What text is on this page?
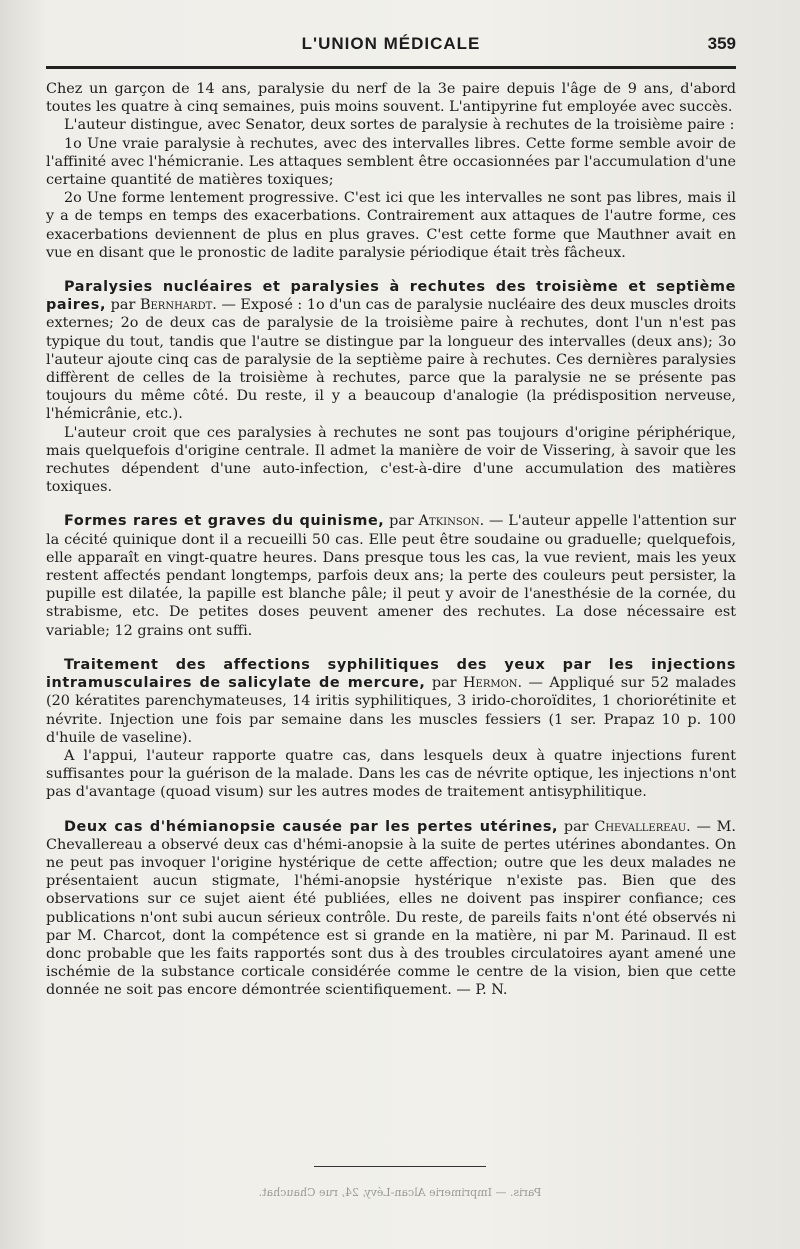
L'UNION MÉDICALE	359

Chez un garçon de 14 ans, paralysie du nerf de la 3e paire depuis l'âge de 9 ans, d'abord toutes les quatre à cinq semaines, puis moins souvent. L'antipyrine fut employée avec succès.

L'auteur distingue, avec Senator, deux sortes de paralysie à rechutes de la troisième paire :

1o Une vraie paralysie à rechutes, avec des intervalles libres. Cette forme semble avoir de l'affinité avec l'hémicranie. Les attaques semblent être occasionnées par l'accumulation d'une certaine quantité de matières toxiques;

2o Une forme lentement progressive. C'est ici que les intervalles ne sont pas libres, mais il y a de temps en temps des exacerbations. Contrairement aux attaques de l'autre forme, ces exacerbations deviennent de plus en plus graves. C'est cette forme que Mauthner avait en vue en disant que le pronostic de ladite paralysie périodique était très fâcheux.

Paralysies nucléaires et paralysies à rechutes des troisième et septième paires, par Bernhardt. — Exposé : 1o d'un cas de paralysie nucléaire des deux muscles droits externes; 2o de deux cas de paralysie de la troisième paire à rechutes, dont l'un n'est pas typique du tout, tandis que l'autre se distingue par la longueur des intervalles (deux ans); 3o l'auteur ajoute cinq cas de paralysie de la septième paire à rechutes. Ces dernières paralysies diffèrent de celles de la troisième à rechutes, parce que la paralysie ne se présente pas toujours du même côté. Du reste, il y a beaucoup d'analogie (la prédisposition nerveuse, l'hémicrânie, etc.).

L'auteur croit que ces paralysies à rechutes ne sont pas toujours d'origine périphérique, mais quelquefois d'origine centrale. Il admet la manière de voir de Vissering, à savoir que les rechutes dépendent d'une auto-infection, c'est-à-dire d'une accumulation des matières toxiques.

Formes rares et graves du quinisme, par Atkinson. — L'auteur appelle l'attention sur la cécité quinique dont il a recueilli 50 cas. Elle peut être soudaine ou graduelle; quelquefois, elle apparaît en vingt-quatre heures. Dans presque tous les cas, la vue revient, mais les yeux restent affectés pendant longtemps, parfois deux ans; la perte des couleurs peut persister, la pupille est dilatée, la papille est blanche pâle; il peut y avoir de l'anesthésie de la cornée, du strabisme, etc. De petites doses peuvent amener des rechutes. La dose nécessaire est variable; 12 grains ont suffi.

Traitement des affections syphilitiques des yeux par les injections intramusculaires de salicylate de mercure, par Hermon. — Appliqué sur 52 malades (20 kératites parenchymateuses, 14 iritis syphilitiques, 3 irido-choroïdites, 1 choriorétinite et névrite. Injection une fois par semaine dans les muscles fessiers (1 ser. Prapaz 10 p. 100 d'huile de vaseline).

A l'appui, l'auteur rapporte quatre cas, dans lesquels deux à quatre injections furent suffisantes pour la guérison de la malade. Dans les cas de névrite optique, les injections n'ont pas d'avantage (quoad visum) sur les autres modes de traitement antisyphilitique.

Deux cas d'hémianopsie causée par les pertes utérines, par Chevallereau. — M. Chevallereau a observé deux cas d'hémi-anopsie à la suite de pertes utérines abondantes. On ne peut pas invoquer l'origine hystérique de cette affection; outre que les deux malades ne présentaient aucun stigmate, l'hémi-anopsie hystérique n'existe pas. Bien que des observations sur ce sujet aient été publiées, elles ne doivent pas inspirer confiance; ces publications n'ont subi aucun sérieux contrôle. Du reste, de pareils faits n'ont été observés ni par M. Charcot, dont la compétence est si grande en la matière, ni par M. Parinaud. Il est donc probable que les faits rapportés sont dus à des troubles circulatoires ayant amené une ischémie de la substance corticale considérée comme le centre de la vision, bien que cette donnée ne soit pas encore démontrée scientifiquement. — P. N.

Paris. — Imprimerie Alcan-Lévy, 24, rue Chauchat.
